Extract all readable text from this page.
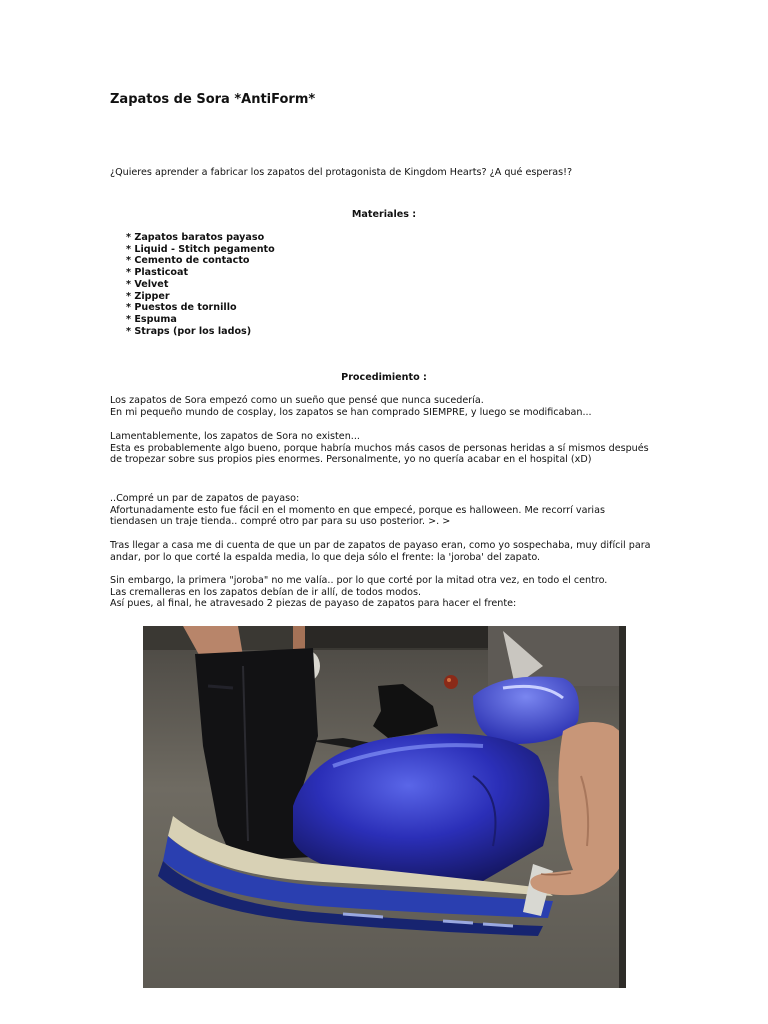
Zapatos de Sora *AntiForm*

¿Quieres aprender a fabricar los zapatos del protagonista de Kingdom Hearts? ¿A qué esperas!?

Materiales :
* Zapatos baratos payaso
* Liquid - Stitch pegamento
* Cemento de contacto
* Plasticoat
* Velvet
* Zipper
* Puestos de tornillo
* Espuma
* Straps (por los lados)
Procedimiento :
Los zapatos de Sora empezó como un sueño que pensé que nunca sucedería.
En mi pequeño mundo de cosplay, los zapatos se han comprado SIEMPRE, y luego se modificaban...
Lamentablemente, los zapatos de Sora no existen...
Esta es probablemente algo bueno, porque habría muchos más casos de personas heridas a sí mismos después
de tropezar sobre sus propios pies enormes. Personalmente, yo no quería acabar en el hospital (xD)
..Compré un par de zapatos de payaso:
Afortunadamente esto fue fácil en el momento en que empecé, porque es halloween. Me recorrí varias
tiendasen un traje tienda.. compré otro par para su uso posterior. >. >
Tras llegar a casa me di cuenta de que un par de zapatos de payaso eran, como yo sospechaba, muy difícil para
andar, por lo que corté la espalda media, lo que deja sólo el frente: la 'joroba' del zapato.
Sin embargo, la primera "joroba" no me valía.. por lo que corté por la mitad otra vez, en todo el centro.
Las cremalleras en los zapatos debían de ir allí, de todos modos.
Así pues, al final, he atravesado 2 piezas de payaso de zapatos para hacer el frente:
